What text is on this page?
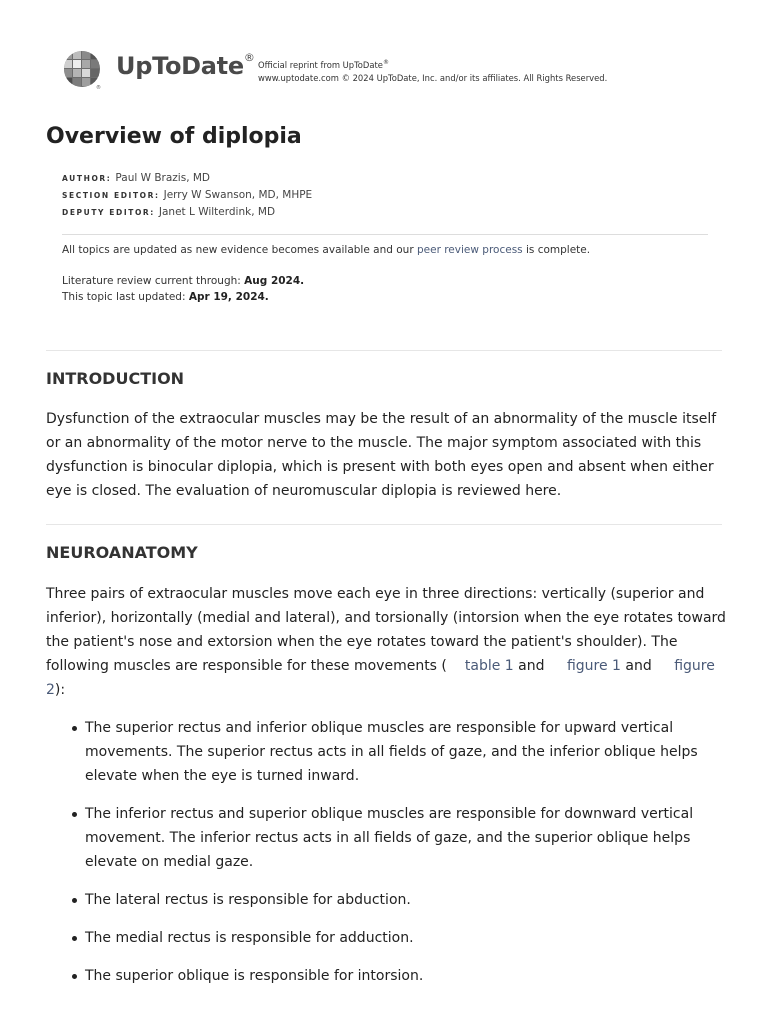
®
UpToDate®
Official reprint from UpToDate®
www.uptodate.com © 2024 UpToDate, Inc. and/or its affiliates. All Rights Reserved.
Overview of diplopia
AUTHOR: Paul W Brazis, MD
SECTION EDITOR: Jerry W Swanson, MD, MHPE
DEPUTY EDITOR: Janet L Wilterdink, MD
All topics are updated as new evidence becomes available and our peer review process is complete.
Literature review current through: Aug 2024.
This topic last updated: Apr 19, 2024.
INTRODUCTION

Dysfunction of the extraocular muscles may be the result of an abnormality of the muscle itself or an abnormality of the motor nerve to the muscle. The major symptom associated with this dysfunction is binocular diplopia, which is present with both eyes open and absent when either eye is closed. The evaluation of neuromuscular diplopia is reviewed here.

NEUROANATOMY

Three pairs of extraocular muscles move each eye in three directions: vertically (superior and inferior), horizontally (medial and lateral), and torsionally (intorsion when the eye rotates toward the patient's nose and extorsion when the eye rotates toward the patient's shoulder). The following muscles are responsible for these movements ( table 1 and figure 1 and figure 2):

The superior rectus and inferior oblique muscles are responsible for upward vertical movements. The superior rectus acts in all fields of gaze, and the inferior oblique helps elevate when the eye is turned inward.
The inferior rectus and superior oblique muscles are responsible for downward vertical movement. The inferior rectus acts in all fields of gaze, and the superior oblique helps elevate on medial gaze.
The lateral rectus is responsible for abduction.
The medial rectus is responsible for adduction.
The superior oblique is responsible for intorsion.
